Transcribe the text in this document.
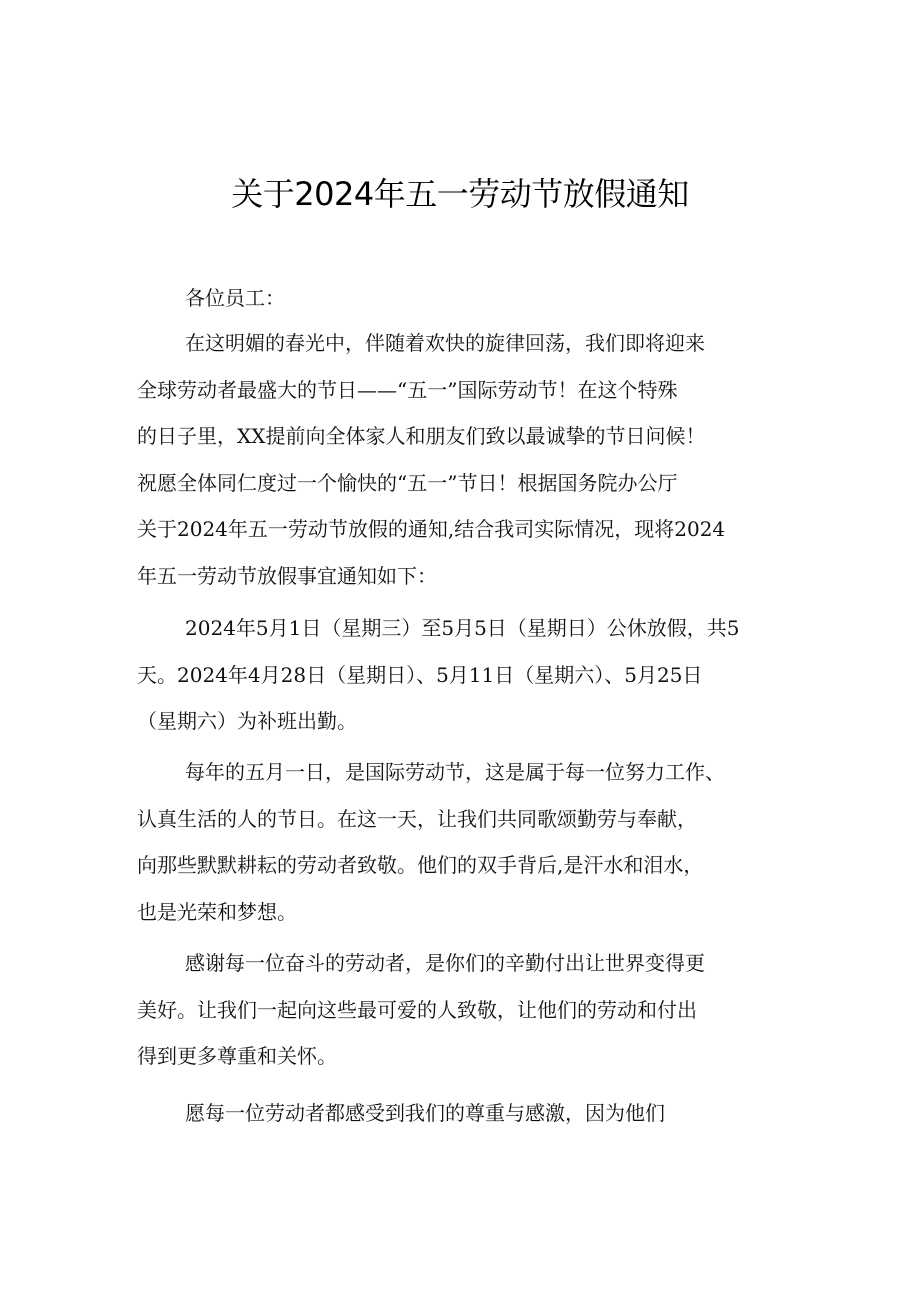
关于2024年五一劳动节放假通知
各位员工：
在这明媚的春光中，伴随着欢快的旋律回荡，我们即将迎来
全球劳动者最盛大的节日——“五一”国际劳动节！在这个特殊
的日子里，XX提前向全体家人和朋友们致以最诚挚的节日问候！
祝愿全体同仁度过一个愉快的“五一”节日！根据国务院办公厅
关于2024年五一劳动节放假的通知,结合我司实际情况，现将2024
年五一劳动节放假事宜通知如下：
2024年5月1日（星期三）至5月5日（星期日）公休放假，共5
天。2024年4月28日（星期日）、5月11日（星期六）、5月25日
（星期六）为补班出勤。
每年的五月一日，是国际劳动节，这是属于每一位努力工作、
认真生活的人的节日。在这一天，让我们共同歌颂勤劳与奉献，
向那些默默耕耘的劳动者致敬。他们的双手背后,是汗水和泪水，
也是光荣和梦想。
感谢每一位奋斗的劳动者，是你们的辛勤付出让世界变得更
美好。让我们一起向这些最可爱的人致敬，让他们的劳动和付出
得到更多尊重和关怀。
愿每一位劳动者都感受到我们的尊重与感激，因为他们
